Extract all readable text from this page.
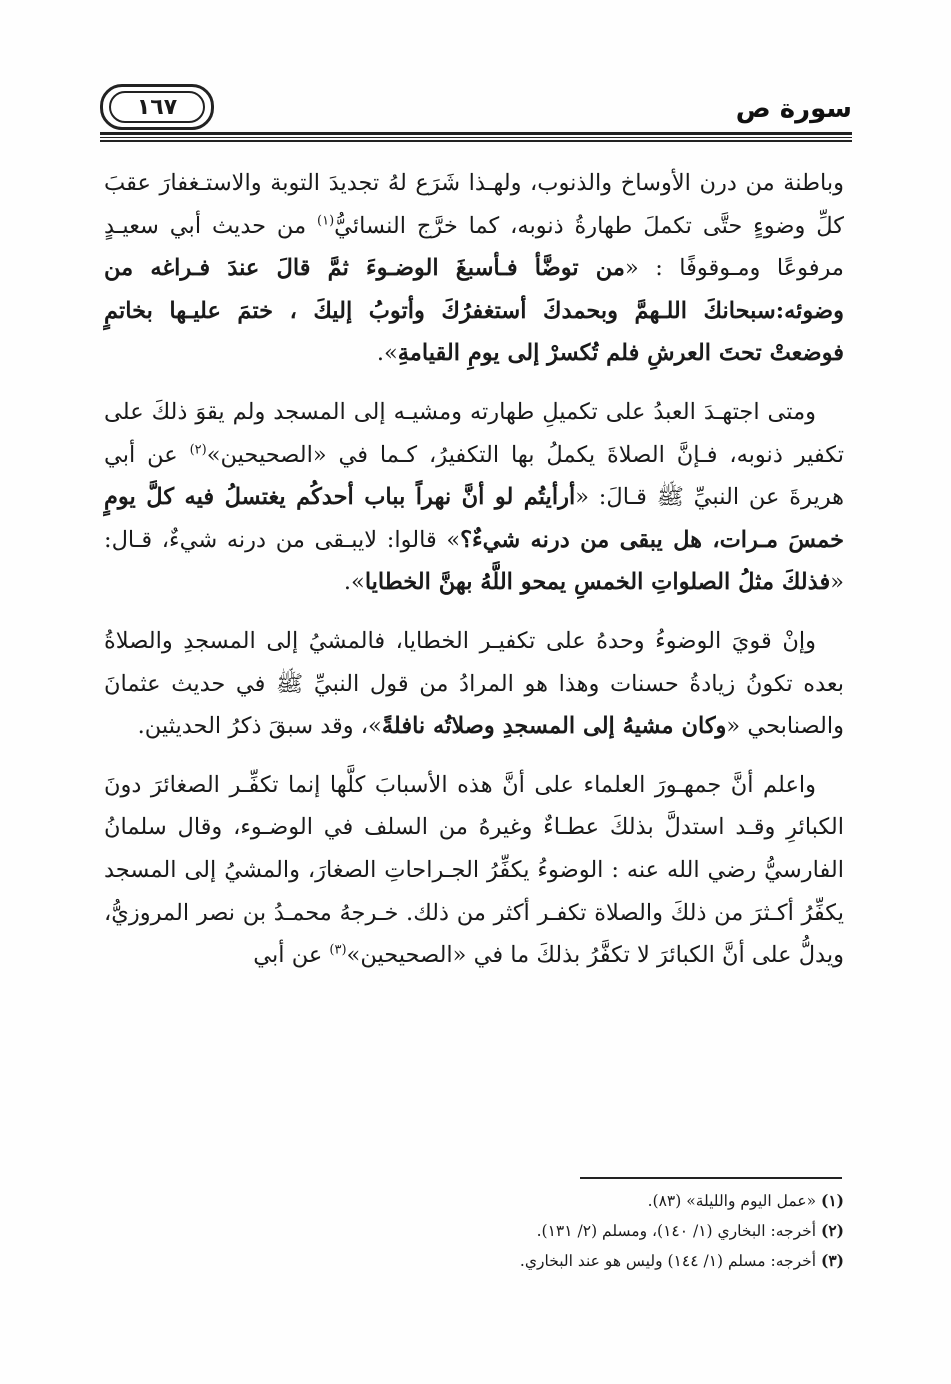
١٦٧	سورة ص

وباطنة من درن الأوساخ والذنوب، ولهـذا شَرَع لهُ تجديدَ التوبة والاستـغفارَ عقبَ كلِّ وضوءٍ حتَّى تكملَ طهارةُ ذنوبه، كما خرَّج النسائيُّ$^{(١)}$ من حديث أبي سعيـدٍ مرفوعًا ومـوقوفًا : «من توضَّأ فـأسبغَ الوضـوءَ ثمَّ قالَ عندَ فـراغه من وضوئه:سبحانكَ اللـهمَّ وبحمدكَ أستغفرُكَ وأتوبُ إليكَ ، ختمَ عليـها بخاتمٍ فوضعتْ تحتَ العرشِ فلم تُكسرْ إلى يومِ القيامةِ».

ومتى اجتهـدَ العبدُ على تكميلِ طهارته ومشيـه إلى المسجد ولم يقوَ ذلكَ على تكفير ذنوبه، فـإنَّ الصلاةَ يكملُ بها التكفيرُ، كـما في «الصحيحين»$^{(٢)}$ عن أبي هريرةَ عن النبيِّ ﷺ قـالَ: «أرأيتُم لو أنَّ نهراً بباب أحدكُم يغتسلُ فيه كلَّ يومٍ خمسَ مـرات، هل يبقى من درنه شيءٌ؟» قالوا: لايبـقى من درنه شيءٌ، قـال: «فذلكَ مثلُ الصلواتِ الخمسِ يمحو اللَّهُ بهنَّ الخطايا».

وإنْ قويَ الوضوءُ وحدهُ على تكفيـر الخطايا، فالمشيُ إلى المسجدِ والصلاةُ بعده تكونُ زيادةُ حسنات وهذا هو المرادُ من قول النبيِّ ﷺ في حديث عثمانَ والصنابحي «وكان مشيهُ إلى المسجدِ وصلاتُه نافلةً»، وقد سبقَ ذكرُ الحديثين.

واعلم أنَّ جمهـورَ العلماء على أنَّ هذه الأسبابَ كلَّها إنما تكفِّـر الصغائرَ دونَ الكبائرِ وقـد استدلَّ بذلكَ عطـاءٌ وغيرهُ من السلف في الوضـوء، وقال سلمانُ الفارسيُّ رضي الله عنه : الوضوءُ يكفِّرُ الجـراحاتِ الصغارَ، والمشيُ إلى المسجد يكفِّرُ أكـثرَ من ذلكَ والصلاة تكفـر أكثر من ذلك. خـرجهُ محمـدُ بن نصر المروزيُّ، ويدلُّ على أنَّ الكبائرَ لا تكفَّرُ بذلكَ ما في «الصحيحين»$^{(٣)}$ عن أبي

(١) «عمل اليوم والليلة» (٨٣).
(٢) أخرجه: البخاري (١/ ١٤٠)، ومسلم (٢/ ١٣١).
(٣) أخرجه: مسلم (١/ ١٤٤) وليس هو عند البخاري.
